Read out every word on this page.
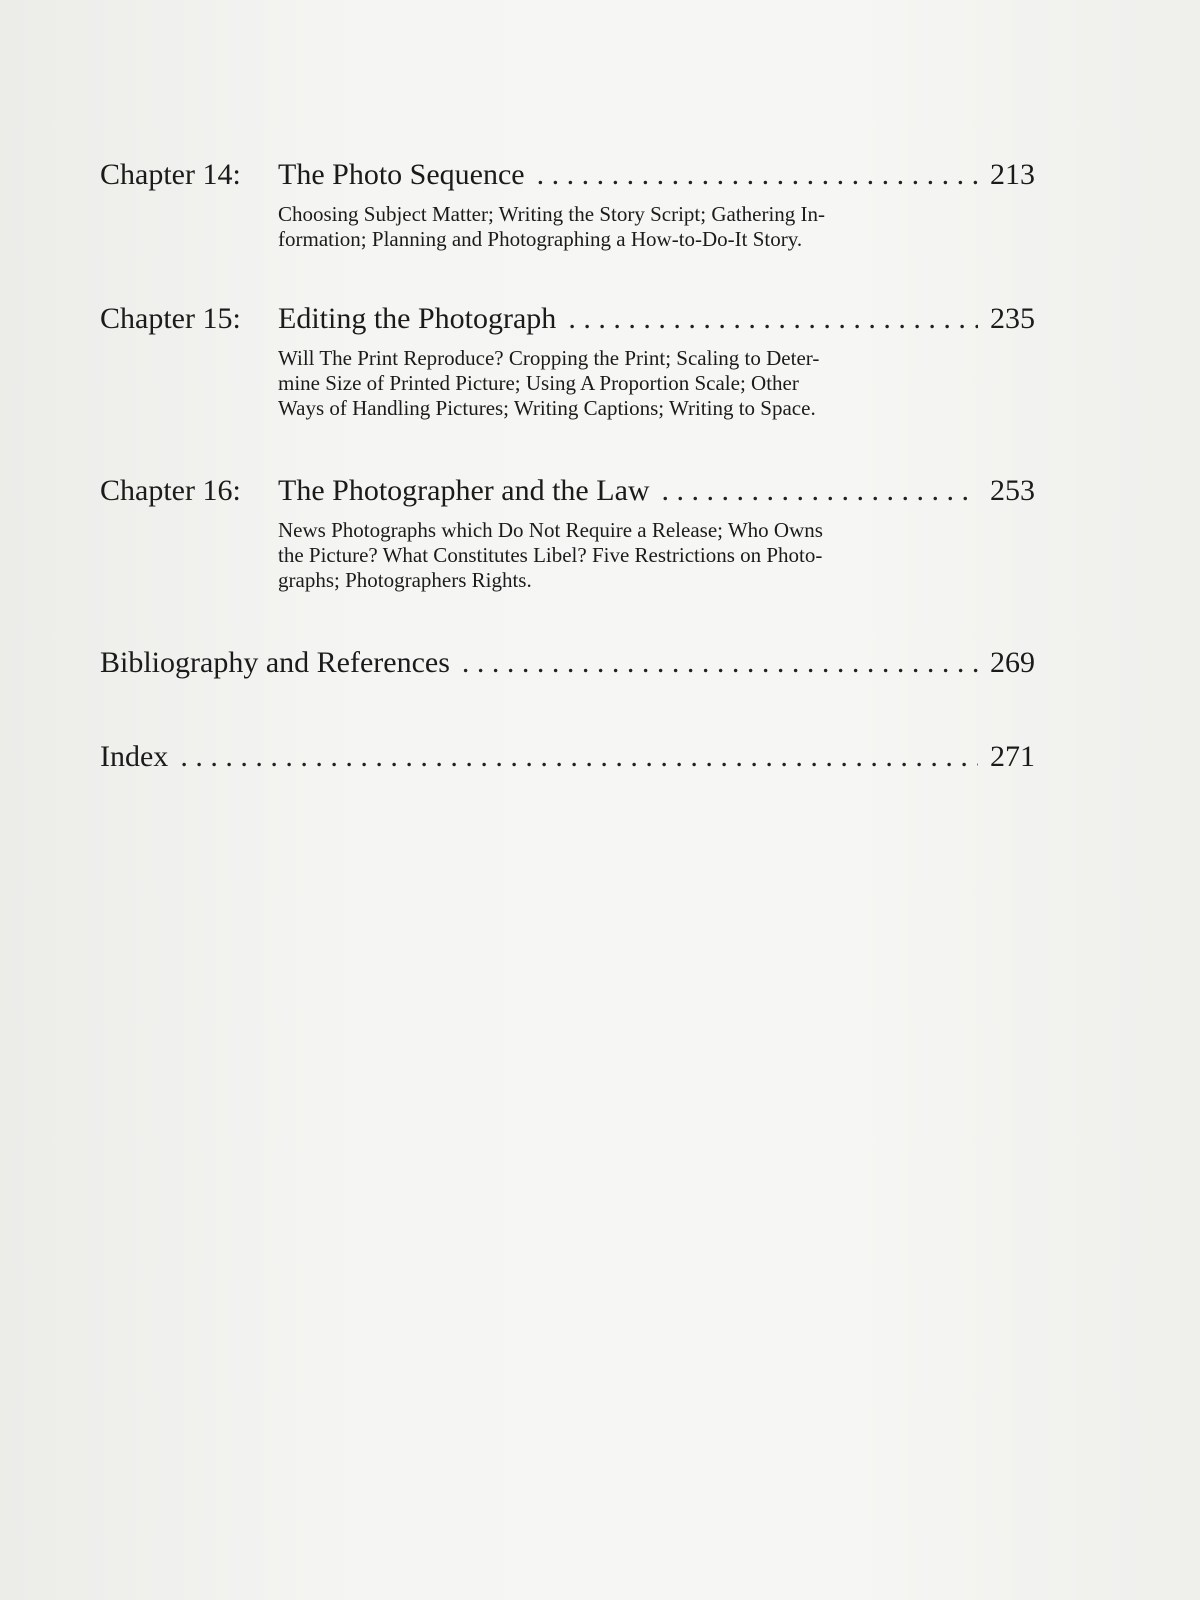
Chapter 14:	The Photo Sequence . . .	213

Choosing Subject Matter; Writing the Story Script; Gathering In-

formation; Planning and Photographing a How-to-Do-It Story.

Chapter 15:	Editing the Photograph . . .	235

Will The Print Reproduce? Cropping the Print; Scaling to Deter-

mine Size of Printed Picture; Using A Proportion Scale; Other

Ways of Handling Pictures; Writing Captions; Writing to Space.

Chapter 16:	The Photographer and the Law . . .	253

News Photographs which Do Not Require a Release; Who Owns

the Picture? What Constitutes Libel? Five Restrictions on Photo-

graphs; Photographers Rights.

Bibliography and References . . .	269
Index . . .	271
